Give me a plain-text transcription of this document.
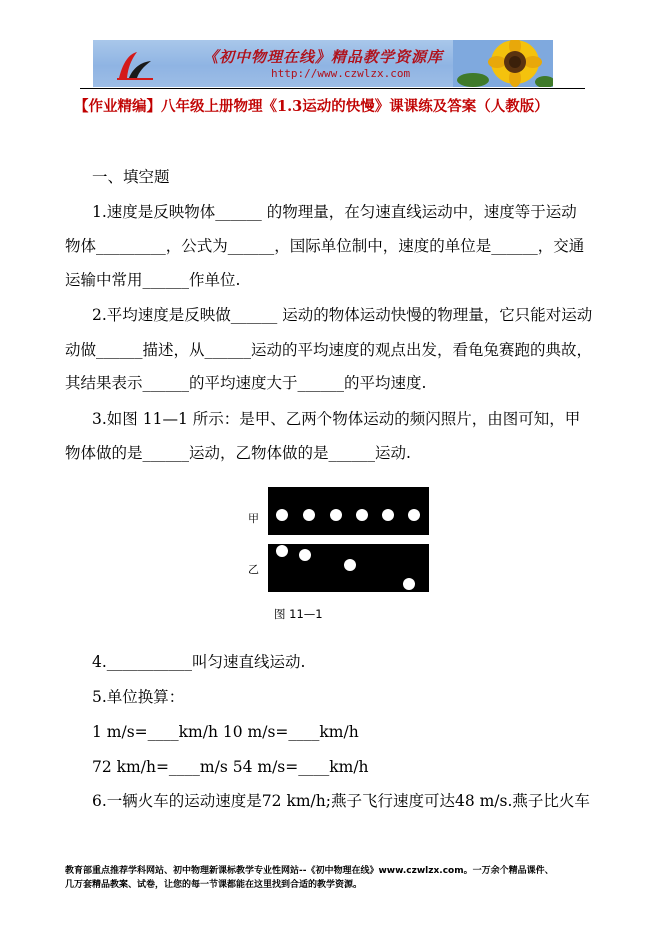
《初中物理在线》精品教学资源库
http://www.czwlzx.com
【作业精编】八年级上册物理《1.3运动的快慢》课课练及答案（人教版）
一、填空题
1.速度是反映物体______ 的物理量，在匀速直线运动中，速度等于运动
物体_________，公式为______，国际单位制中，速度的单位是______，交通
运输中常用______作单位.
2.平均速度是反映做______ 运动的物体运动快慢的物理量，它只能对运动
动做______描述，从______运动的平均速度的观点出发，看龟兔赛跑的典故，
其结果表示______的平均速度大于______的平均速度.
3.如图 11—1 所示：是甲、乙两个物体运动的频闪照片，由图可知，甲
物体做的是______运动，乙物体做的是______运动.
甲
乙
图 11—1
4.___________叫匀速直线运动.
5.单位换算：
1 m/s=____km/h 10 m/s=____km/h
72 km/h=____m/s 54 m/s=____km/h
6.一辆火车的运动速度是72 km/h;燕子飞行速度可达48 m/s.燕子比火车
教育部重点推荐学科网站、初中物理新课标教学专业性网站--《初中物理在线》www.czwlzx.com。一万余个精品课件、
几万套精品教案、试卷，让您的每一节课都能在这里找到合适的教学资源。
